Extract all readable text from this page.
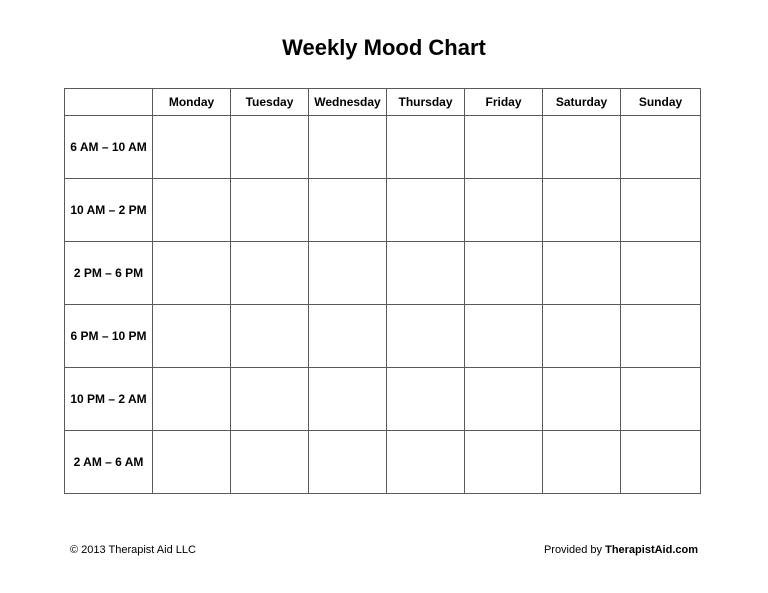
Weekly Mood Chart
	Monday	Tuesday	Wednesday	Thursday	Friday	Saturday	Sunday
6 AM – 10 AM							
10 AM – 2 PM							
2 PM – 6 PM							
6 PM – 10 PM							
10 PM – 2 AM							
2 AM – 6 AM							
© 2013 Therapist Aid LLC	Provided by TherapistAid.com
